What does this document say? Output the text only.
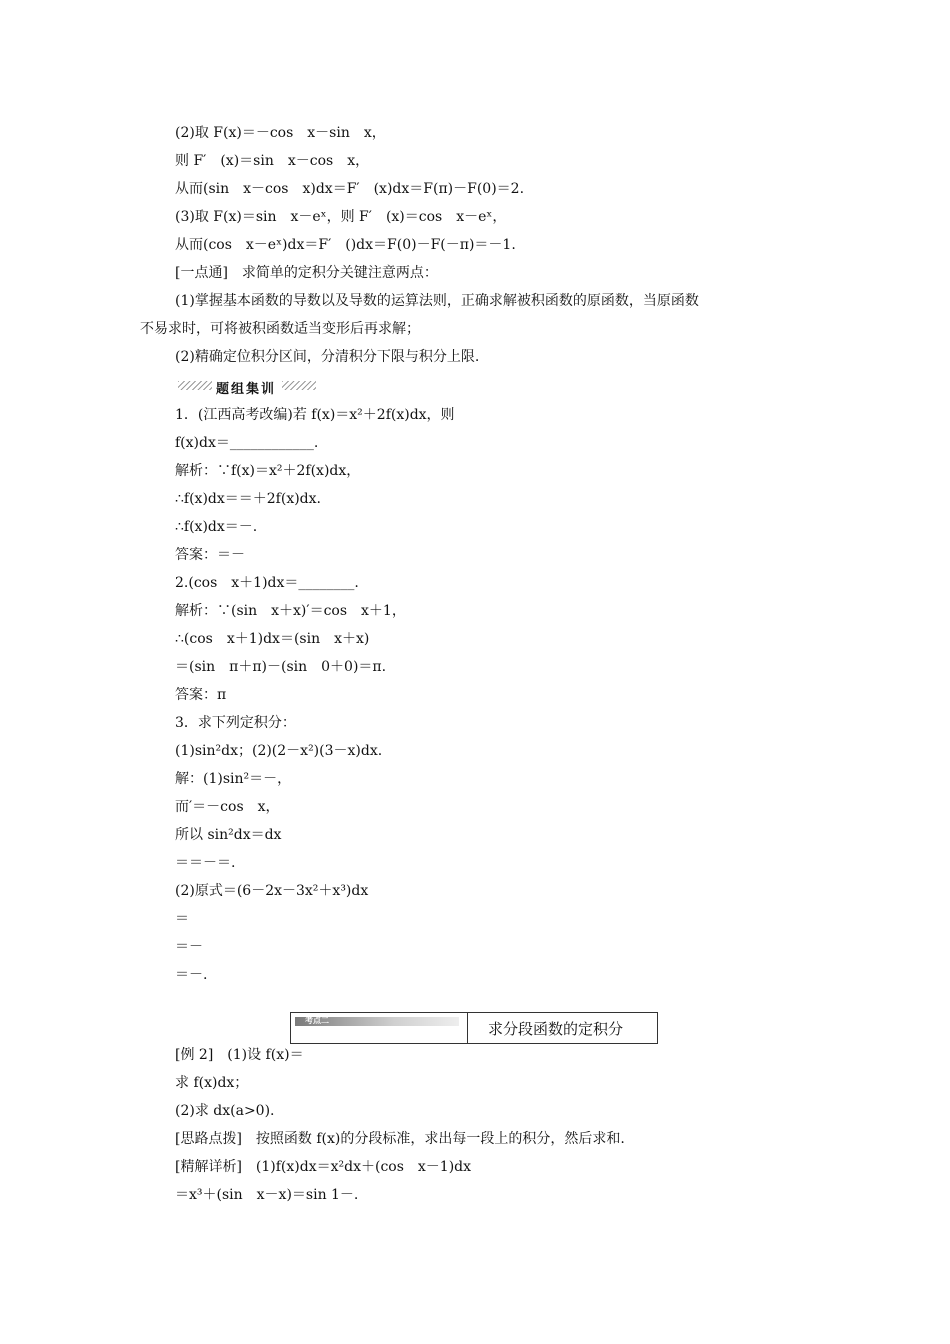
(2)取 F(x)＝－cos　x－sin　x，
则 F′　(x)＝sin　x－cos　x，
从而(sin　x－cos　x)dx＝F′　(x)dx＝F(π)－F(0)＝2.
(3)取 F(x)＝sin　x－eˣ，则 F′　(x)＝cos　x－eˣ，
从而(cos　x－eˣ)dx＝F′　()dx＝F(0)－F(－π)＝－1.
[一点通]　求简单的定积分关键注意两点：
(1)掌握基本函数的导数以及导数的运算法则，正确求解被积函数的原函数，当原函数
不易求时，可将被积函数适当变形后再求解；
(2)精确定位积分区间，分清积分下限与积分上限.
题组集训
1．(江西高考改编)若 f(x)＝x²＋2f(x)dx，则
f(x)dx＝____________.
解析：∵f(x)＝x²＋2f(x)dx，
∴f(x)dx＝＝＋2f(x)dx.
∴f(x)dx＝－.
答案：＝－
2.(cos　x＋1)dx＝________.
解析：∵(sin　x＋x)′＝cos　x＋1，
∴(cos　x＋1)dx＝(sin　x＋x)
＝(sin　π＋π)－(sin　0＋0)＝π.
答案：π
3．求下列定积分：
(1)sin²dx；(2)(2－x²)(3－x)dx.
解：(1)sin²＝－，
而′＝－cos　x，
所以 sin²dx＝dx
＝＝－＝.
(2)原式＝(6－2x－3x²＋x³)dx
＝
＝－
＝－.
考点二	求分段函数的定积分
[例 2]　(1)设 f(x)＝
求 f(x)dx；
(2)求 dx(a>0).
[思路点拨]　按照函数 f(x)的分段标准，求出每一段上的积分，然后求和.
[精解详析]　(1)f(x)dx＝x²dx＋(cos　x－1)dx
＝x³＋(sin　x－x)＝sin 1－.
